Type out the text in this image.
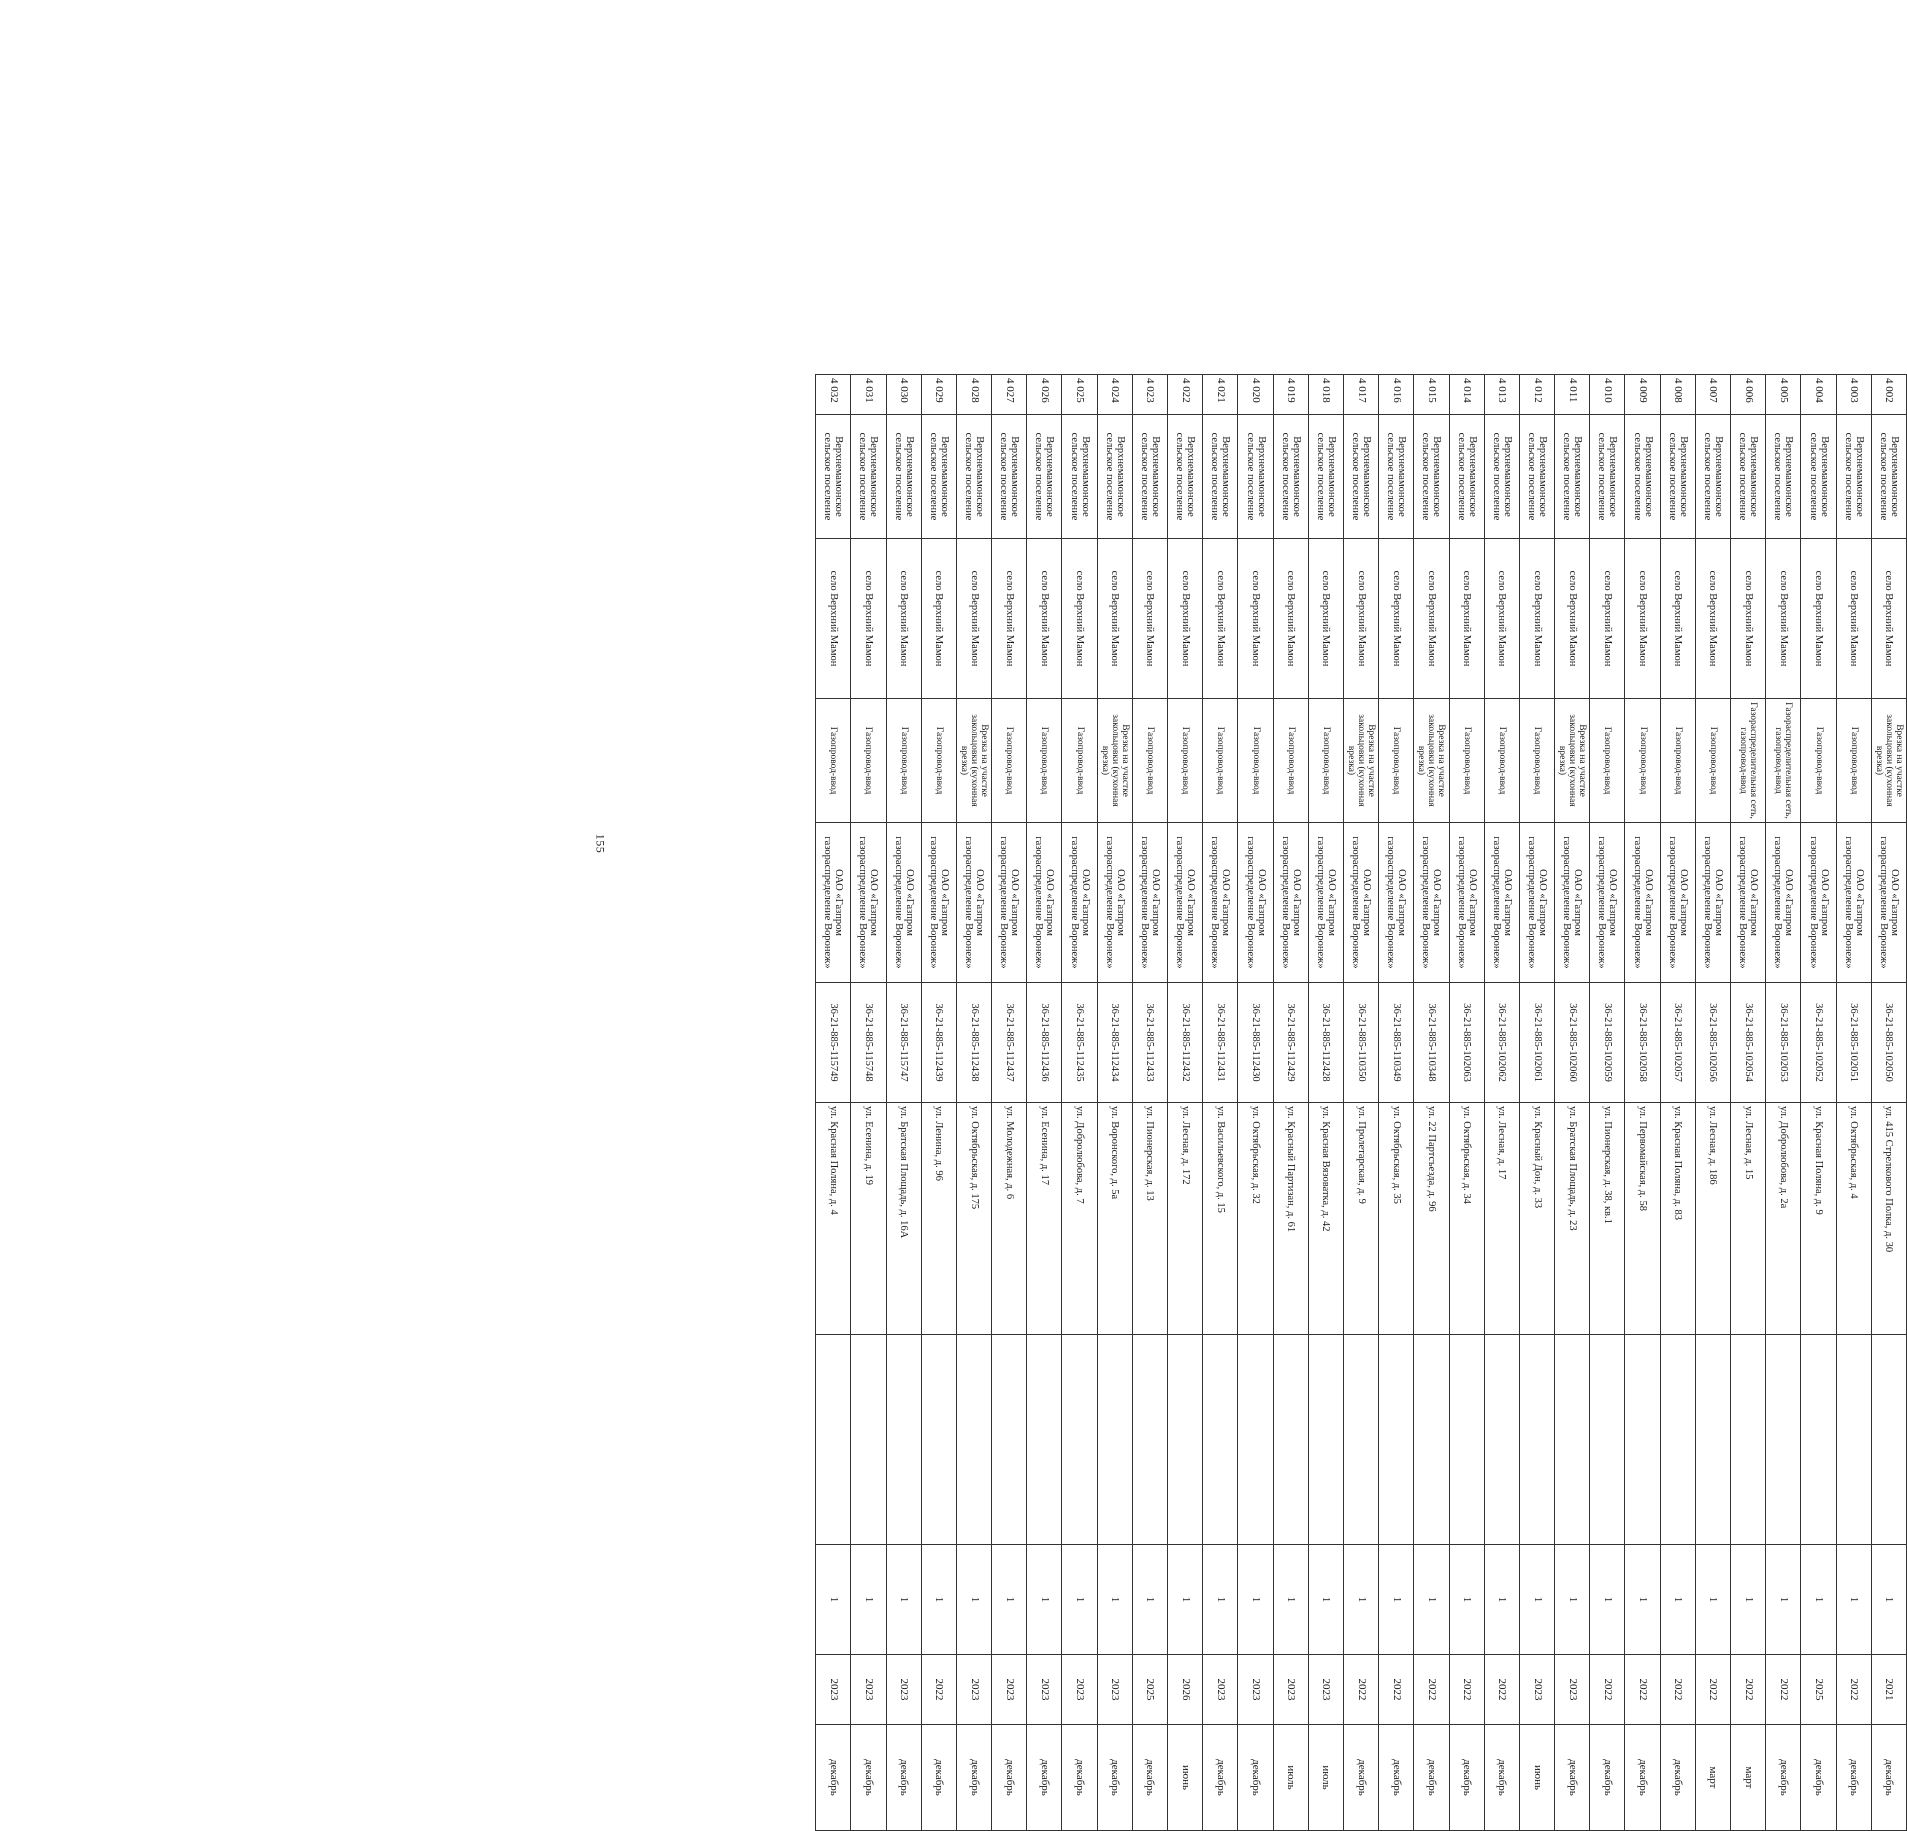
155
4 002	Верхнемамонское сельское поселение	село Верхний Мамон	Врезка на участке закольцовки (кухонная врезка)	ОАО «Газпром газораспределение Воронеж»	36-21-885-102050	ул. 415 Стрелкового Полка, д. 30		1	2021	декабрь
4 003	Верхнемамонское сельское поселение	село Верхний Мамон	Газопровод-ввод	ОАО «Газпром газораспределение Воронеж»	36-21-885-102051	ул. Октябрьская, д. 4		1	2022	декабрь
4 004	Верхнемамонское сельское поселение	село Верхний Мамон	Газопровод-ввод	ОАО «Газпром газораспределение Воронеж»	36-21-885-102052	ул. Красная Поляна, д. 9		1	2025	декабрь
4 005	Верхнемамонское сельское поселение	село Верхний Мамон	Газораспределительная сеть, газопровод-ввод	ОАО «Газпром газораспределение Воронеж»	36-21-885-102053	ул. Добролюбова, д. 2а		1	2022	декабрь
4 006	Верхнемамонское сельское поселение	село Верхний Мамон	Газораспределительная сеть, газопровод-ввод	ОАО «Газпром газораспределение Воронеж»	36-21-885-102054	ул. Лесная, д. 15		1	2022	март
4 007	Верхнемамонское сельское поселение	село Верхний Мамон	Газопровод-ввод	ОАО «Газпром газораспределение Воронеж»	36-21-885-102056	ул. Лесная, д. 186		1	2022	март
4 008	Верхнемамонское сельское поселение	село Верхний Мамон	Газопровод-ввод	ОАО «Газпром газораспределение Воронеж»	36-21-885-102057	ул. Красная Поляна, д. 83		1	2022	декабрь
4 009	Верхнемамонское сельское поселение	село Верхний Мамон	Газопровод-ввод	ОАО «Газпром газораспределение Воронеж»	36-21-885-102058	ул. Первомайская, д. 58		1	2022	декабрь
4 010	Верхнемамонское сельское поселение	село Верхний Мамон	Газопровод-ввод	ОАО «Газпром газораспределение Воронеж»	36-21-885-102059	ул. Пионерская, д. 38, кв.1		1	2022	декабрь
4 011	Верхнемамонское сельское поселение	село Верхний Мамон	Врезка на участке закольцовки (кухонная врезка)	ОАО «Газпром газораспределение Воронеж»	36-21-885-102060	ул. Братская Площадь, д. 23		1	2023	декабрь
4 012	Верхнемамонское сельское поселение	село Верхний Мамон	Газопровод-ввод	ОАО «Газпром газораспределение Воронеж»	36-21-885-102061	ул. Красный Дон, д. 33		1	2023	июнь
4 013	Верхнемамонское сельское поселение	село Верхний Мамон	Газопровод-ввод	ОАО «Газпром газораспределение Воронеж»	36-21-885-102062	ул. Лесная, д. 17		1	2022	декабрь
4 014	Верхнемамонское сельское поселение	село Верхний Мамон	Газопровод-ввод	ОАО «Газпром газораспределение Воронеж»	36-21-885-102063	ул. Октябрьская, д. 34		1	2022	декабрь
4 015	Верхнемамонское сельское поселение	село Верхний Мамон	Врезка на участке закольцовки (кухонная врезка)	ОАО «Газпром газораспределение Воронеж»	36-21-885-110348	ул. 22 Партсъезда, д. 96		1	2022	декабрь
4 016	Верхнемамонское сельское поселение	село Верхний Мамон	Газопровод-ввод	ОАО «Газпром газораспределение Воронеж»	36-21-885-110349	ул. Октябрьская, д. 35		1	2022	декабрь
4 017	Верхнемамонское сельское поселение	село Верхний Мамон	Врезка на участке закольцовки (кухонная врезка)	ОАО «Газпром газораспределение Воронеж»	36-21-885-110350	ул. Пролетарская, д. 9		1	2022	декабрь
4 018	Верхнемамонское сельское поселение	село Верхний Мамон	Газопровод-ввод	ОАО «Газпром газораспределение Воронеж»	36-21-885-112428	ул. Красная Вязоватка, д. 42		1	2023	июль
4 019	Верхнемамонское сельское поселение	село Верхний Мамон	Газопровод-ввод	ОАО «Газпром газораспределение Воронеж»	36-21-885-112429	ул. Красный Партизан, д. 61		1	2023	июль
4 020	Верхнемамонское сельское поселение	село Верхний Мамон	Газопровод-ввод	ОАО «Газпром газораспределение Воронеж»	36-21-885-112430	ул. Октябрьская, д. 32		1	2023	декабрь
4 021	Верхнемамонское сельское поселение	село Верхний Мамон	Газопровод-ввод	ОАО «Газпром газораспределение Воронеж»	36-21-885-112431	ул. Васильевского, д. 15		1	2023	декабрь
4 022	Верхнемамонское сельское поселение	село Верхний Мамон	Газопровод-ввод	ОАО «Газпром газораспределение Воронеж»	36-21-885-112432	ул. Лесная, д. 172		1	2026	июнь
4 023	Верхнемамонское сельское поселение	село Верхний Мамон	Газопровод-ввод	ОАО «Газпром газораспределение Воронеж»	36-21-885-112433	ул. Пионерская, д. 13		1	2025	декабрь
4 024	Верхнемамонское сельское поселение	село Верхний Мамон	Врезка на участке закольцовки (кухонная врезка)	ОАО «Газпром газораспределение Воронеж»	36-21-885-112434	ул. Воронского, д. 5а		1	2023	декабрь
4 025	Верхнемамонское сельское поселение	село Верхний Мамон	Газопровод-ввод	ОАО «Газпром газораспределение Воронеж»	36-21-885-112435	ул. Добролюбова, д. 7		1	2023	декабрь
4 026	Верхнемамонское сельское поселение	село Верхний Мамон	Газопровод-ввод	ОАО «Газпром газораспределение Воронеж»	36-21-885-112436	ул. Есенина, д. 17		1	2023	декабрь
4 027	Верхнемамонское сельское поселение	село Верхний Мамон	Газопровод-ввод	ОАО «Газпром газораспределение Воронеж»	36-21-885-112437	ул. Молодежная, д. 6		1	2023	декабрь
4 028	Верхнемамонское сельское поселение	село Верхний Мамон	Врезка на участке закольцовки (кухонная врезка)	ОАО «Газпром газораспределение Воронеж»	36-21-885-112438	ул. Октябрьская, д. 175		1	2023	декабрь
4 029	Верхнемамонское сельское поселение	село Верхний Мамон	Газопровод-ввод	ОАО «Газпром газораспределение Воронеж»	36-21-885-112439	ул. Ленина, д. 96		1	2022	декабрь
4 030	Верхнемамонское сельское поселение	село Верхний Мамон	Газопровод-ввод	ОАО «Газпром газораспределение Воронеж»	36-21-885-115747	ул. Братская Площадь, д. 16А		1	2023	декабрь
4 031	Верхнемамонское сельское поселение	село Верхний Мамон	Газопровод-ввод	ОАО «Газпром газораспределение Воронеж»	36-21-885-115748	ул. Есенина, д. 19		1	2023	декабрь
4 032	Верхнемамонское сельское поселение	село Верхний Мамон	Газопровод-ввод	ОАО «Газпром газораспределение Воронеж»	36-21-885-115749	ул. Красная Поляна, д. 4		1	2023	декабрь
